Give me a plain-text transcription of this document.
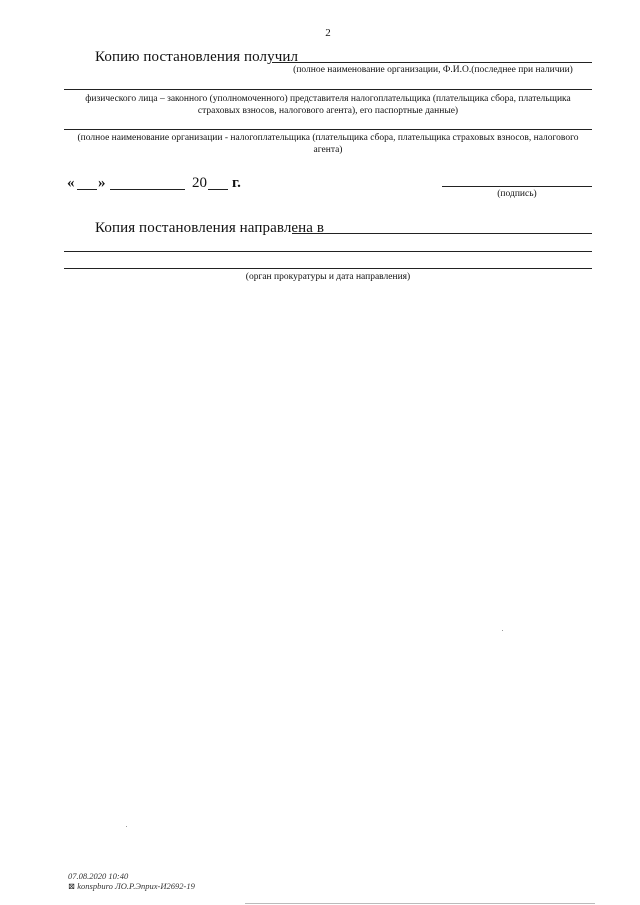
2
Копию постановления получил
(полное наименование организации, Ф.И.О.(последнее при наличии)
физического лица – законного (уполномоченного) представителя налогоплательщика (плательщика сбора, плательщика
страховых взносов, налогового агента), его паспортные данные)
(полное наименование организации - налогоплательщика (плательщика сбора, плательщика страховых взносов, налогового
агента)
« »	20 г.
(подпись)
Копия постановления направлена в
(орган прокуратуры и дата направления)
07.08.2020 10:40
⊠ konspburo ЛО.Р.Эприх-И2692-19
